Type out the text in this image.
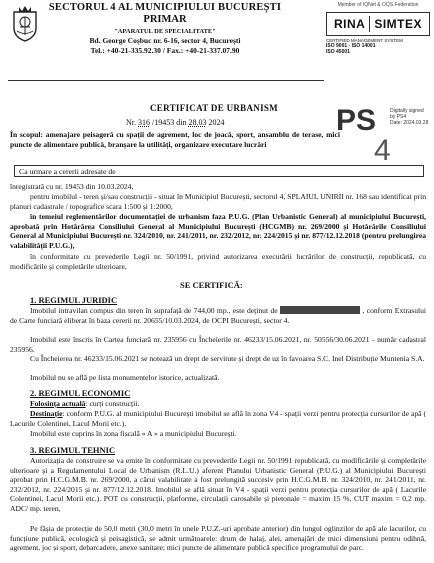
SECTORUL 4 AL MUNICIPIULUI BUCUREȘTI
PRIMAR
"APARATUL DE SPECIALITATE"
Bd. George Coșbuc nr. 6-16, sector 4, București
Tel.: +40-21-335.92.30 / Fax.: +40-21-337.07.90
Member of IQNet & OQS Federation
RINA SIMTEX
CERTIFIED MANAGEMENT SYSTEM
ISO 9001 - ISO 14001
ISO 45001
CERTIFICAT DE URBANISM
Nr. 316 /19453 din 28.03 2024	PS
4
Digitally signed
by PS4
Date: 2024.03.28
În scopul: amenajare peisageră cu spații de agrement, loc de joacă, sport, ansamblu de terase, mici puncte de alimentare publică, branșare la utilități, organizare executare lucrări
Ca urmare a cererii adresate de
înregistrată cu nr. 19453 din 10.03.2024,
pentru imobilul - teren și/sau construcții - situat în Municipiul București, sectorul 4, SPLAIUL UNIRII nr. 168 sau identificat prin planuri cadastrale / topografice scara 1:500 și 1:2000,
în temeiul reglementărilor documentației de urbanism faza P.U.G. (Plan Urbanistic General) al municipiului București, aprobată prin Hotărârea Consiliului General al Municipiului București (HCGMB) nr. 269/2000 și Hotărârile Consiliului General al Municipiului București nr. 324/2010, nr. 241/2011, nr. 232/2012, nr. 224/2015 și nr. 877/12.12.2018 (pentru prelungirea valabilității P.U.G.),
în conformitate cu prevederile Legii nr. 50/1991, privind autorizarea executării lucrărilor de construcții, republicată, cu modificările și completările ulterioare,
SE CERTIFICĂ:
1. REGIMUL JURIDIC
Imobilul intravilan compus din teren în suprafață de 744,00 mp., este deținut de	, conform Extrasului de Carte funciară eliberat în baza cererii nr. 20655/10.03.2024, de OCPI București, sector 4.
Imobilul este înscris în Cartea funciară nr. 235956 cu Încheierile nr. 46233/15.06.2021, nr. 50556/30.06.2021 - număr cadastral 235956.
Cu Încheierea nr. 46233/15.06.2021 se notează un drept de servitute și drept de uz în favoarea S.C. Inel Distribuție Muntenia S.A.
Imobilul nu se află pe lista monumentelor istorice, actualizată.
2. REGIMUL ECONOMIC
Folosința actuală: curți construcții.
Destinație: conform P.U.G. al municipiului București imobilul se află în zona V4 - spații verzi pentru protecția cursurilor de apă ( Lacurile Colentinei, Lacul Morii etc.).
Imobilul este cuprins în zona fiscală « A » a municipiului București.
3. REGIMUL TEHNIC
Autorizația de construire se va emite în conformitate cu prevederile Legii nr. 50/1991 republicată, cu modificările și completările ulterioare și a Regulamentului Local de Urbanism (R.L.U.) aferent Planului Urbanistic General (P.U.G.) al Municipiului București aprobat prin H.C.G.M.B. nr. 269/2000, a cărui valabilitate a fost prelungită succesiv prin H.C.G.M.B. nr. 324/2010, nr. 241/2011, nr. 232/2012, nr. 224/2015 și nr. 877/12.12.2018. Imobilul se află situat în V4 - spații verzi pentru protecția cursurilor de apă ( Lacurile Colentinei, Lacul Morii etc.). POT cu construcții, platforme, circulații carosabile și pietonale = maxim 15 %, CUT maxim = 0,2 mp. ADC/ mp. teren,
Pe fâșia de protecție de 50,0 metri (30,0 metri în unele P.U.Z.-uri aprobate anterior) din lungul oglinzilor de apă ale lacurilor, cu funcțiune publică, ecologică și peisagistică, se admit următoarele: drum de halaj, alei, amenajări de mici dimensiuni pentru odihnă, agrement, joc și sport, debarcadere, anexe sanitare; mici puncte de alimentare publică specifice programului de parc.
